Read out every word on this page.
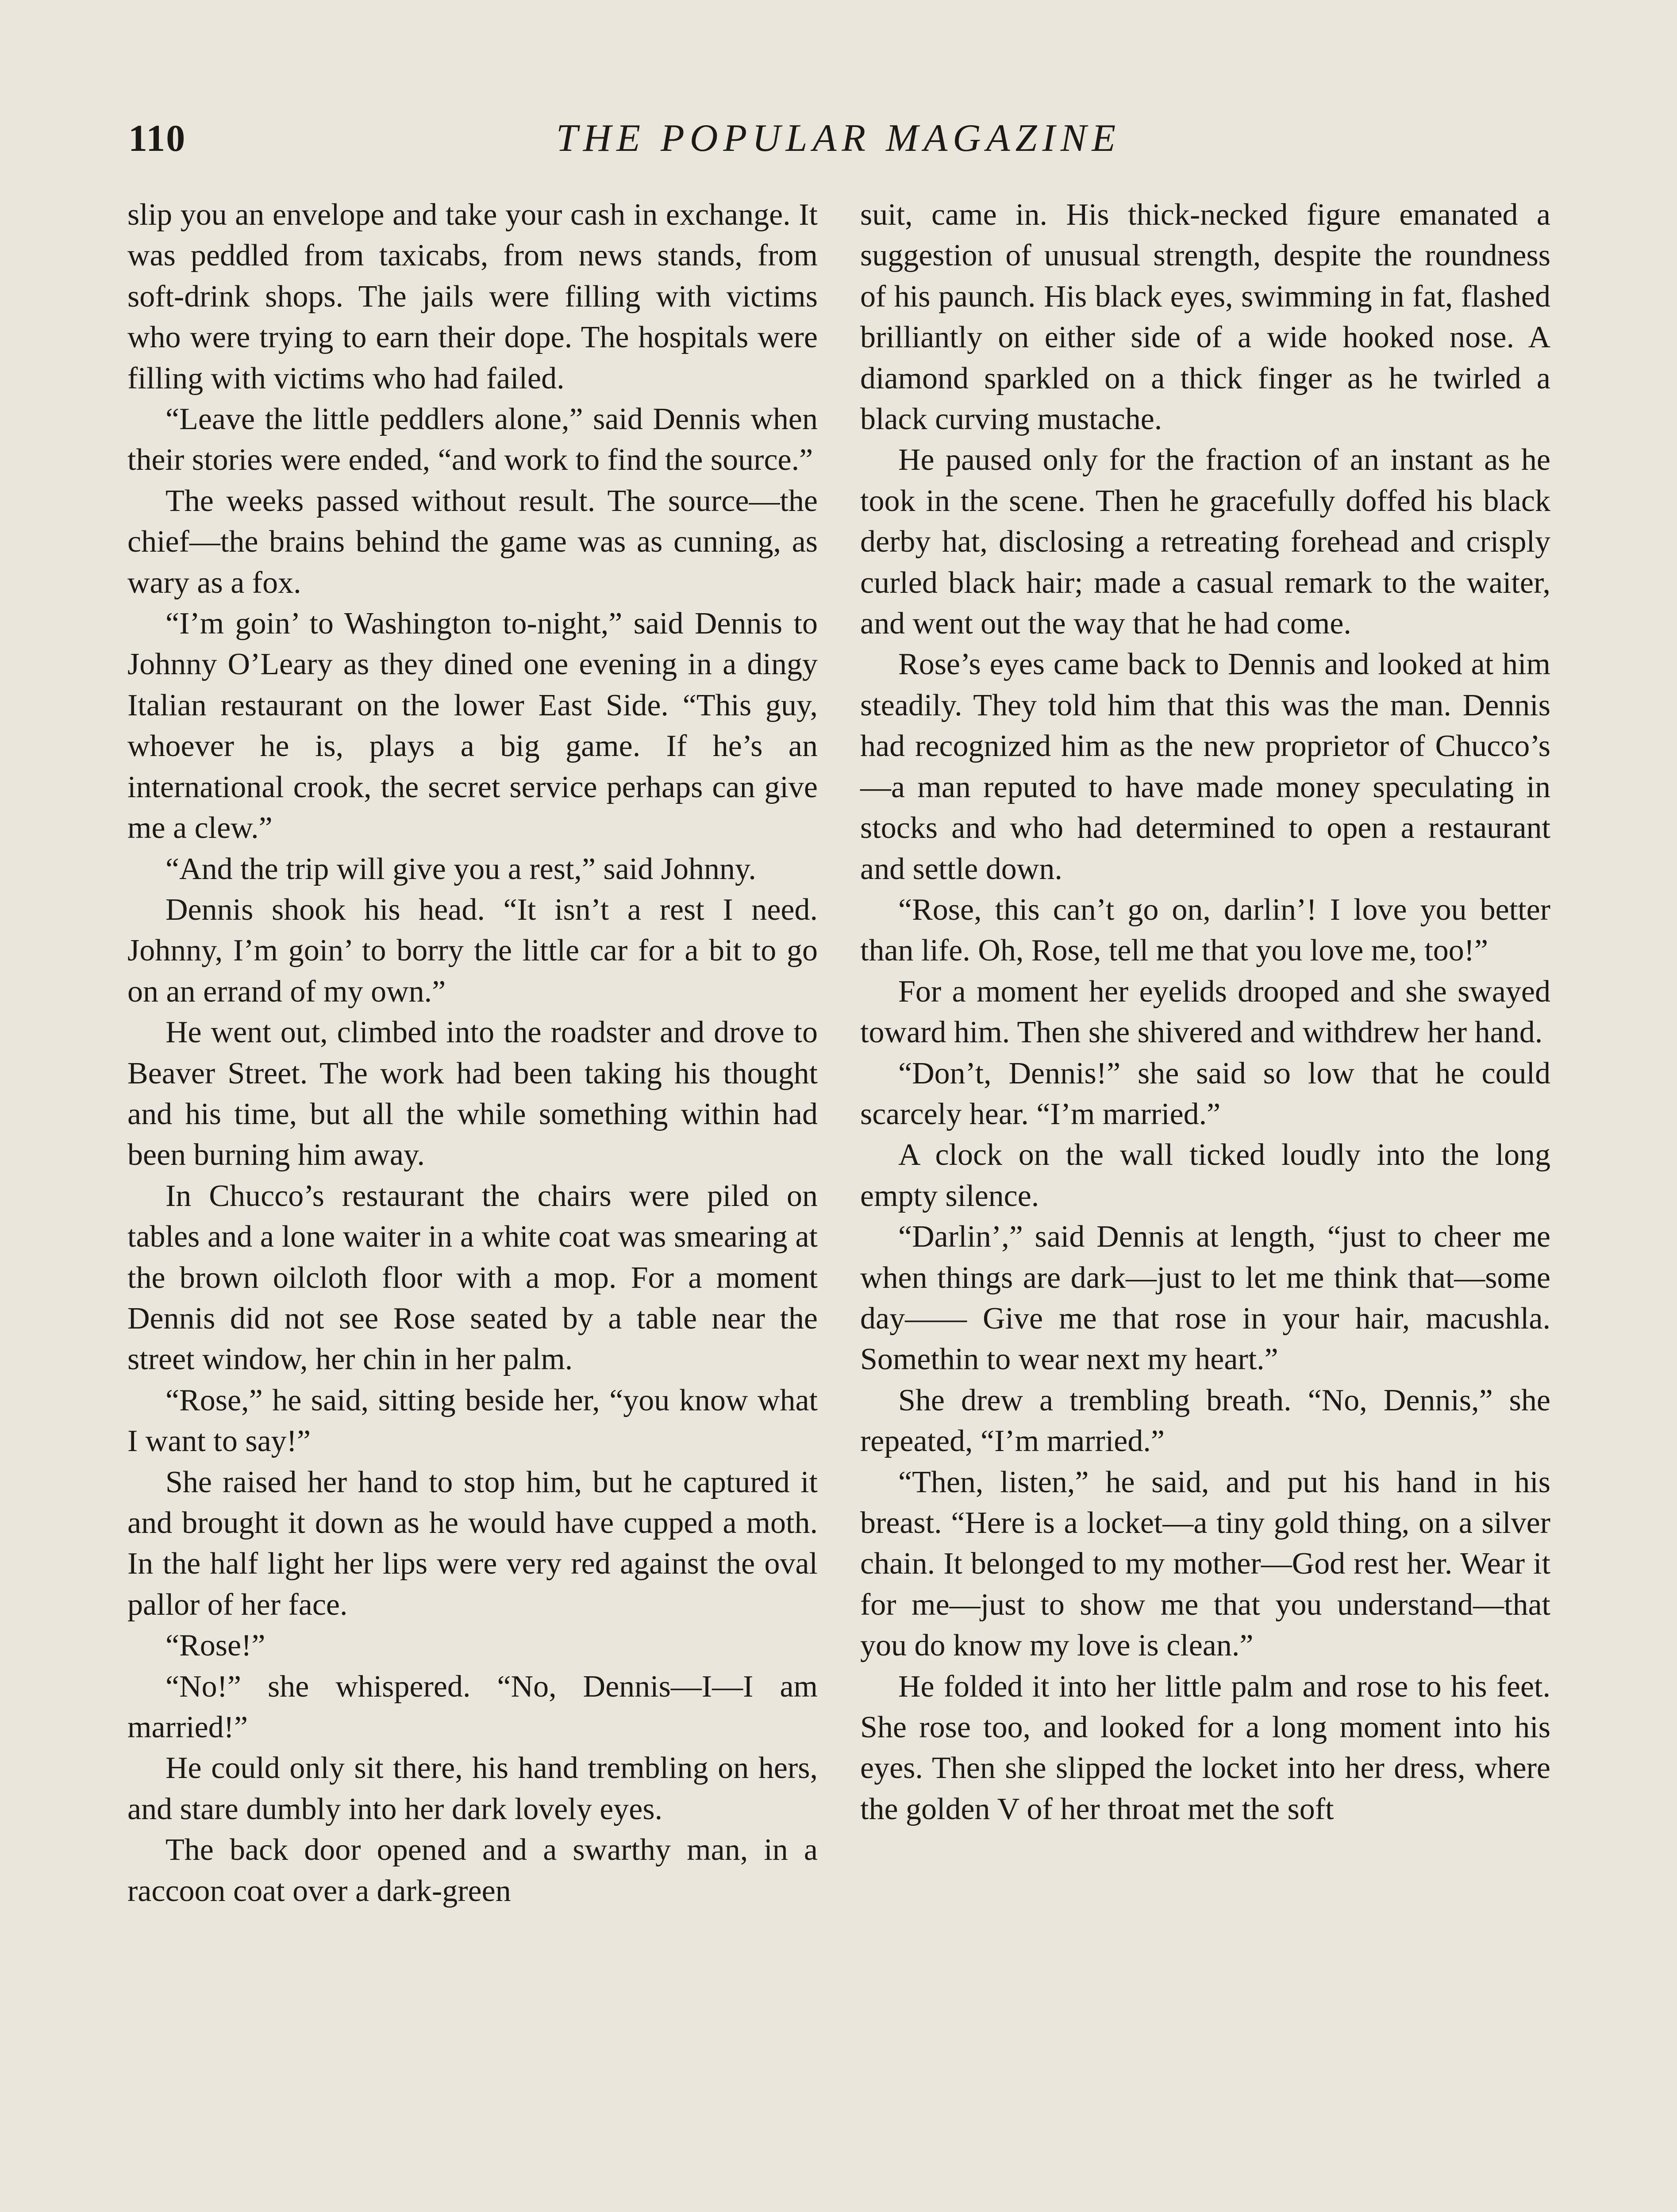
110	THE POPULAR MAGAZINE

slip you an envelope and take your cash in exchange. It was peddled from taxicabs, from news stands, from soft-drink shops. The jails were filling with victims who were trying to earn their dope. The hospitals were filling with victims who had failed.

“Leave the little peddlers alone,” said Dennis when their stories were ended, “and work to find the source.”

The weeks passed without result. The source—the chief—the brains behind the game was as cunning, as wary as a fox.

“I’m goin’ to Washington to-night,” said Dennis to Johnny O’Leary as they dined one evening in a dingy Italian restaurant on the lower East Side. “This guy, whoever he is, plays a big game. If he’s an international crook, the secret service perhaps can give me a clew.”

“And the trip will give you a rest,” said Johnny.

Dennis shook his head. “It isn’t a rest I need. Johnny, I’m goin’ to borry the little car for a bit to go on an errand of my own.”

He went out, climbed into the roadster and drove to Beaver Street. The work had been taking his thought and his time, but all the while something within had been burning him away.

In Chucco’s restaurant the chairs were piled on tables and a lone waiter in a white coat was smearing at the brown oilcloth floor with a mop. For a moment Dennis did not see Rose seated by a table near the street window, her chin in her palm.

“Rose,” he said, sitting beside her, “you know what I want to say!”

She raised her hand to stop him, but he captured it and brought it down as he would have cupped a moth. In the half light her lips were very red against the oval pallor of her face.

“Rose!”

“No!” she whispered. “No, Dennis—I—I am married!”

He could only sit there, his hand trembling on hers, and stare dumbly into her dark lovely eyes.

The back door opened and a swarthy man, in a raccoon coat over a dark-green

suit, came in. His thick-necked figure emanated a suggestion of unusual strength, despite the roundness of his paunch. His black eyes, swimming in fat, flashed brilliantly on either side of a wide hooked nose. A diamond sparkled on a thick finger as he twirled a black curving mustache.

He paused only for the fraction of an instant as he took in the scene. Then he gracefully doffed his black derby hat, disclosing a retreating forehead and crisply curled black hair; made a casual remark to the waiter, and went out the way that he had come.

Rose’s eyes came back to Dennis and looked at him steadily. They told him that this was the man. Dennis had recognized him as the new proprietor of Chucco’s—a man reputed to have made money speculating in stocks and who had determined to open a restaurant and settle down.

“Rose, this can’t go on, darlin’! I love you better than life. Oh, Rose, tell me that you love me, too!”

For a moment her eyelids drooped and she swayed toward him. Then she shivered and withdrew her hand.

“Don’t, Dennis!” she said so low that he could scarcely hear. “I’m married.”

A clock on the wall ticked loudly into the long empty silence.

“Darlin’,” said Dennis at length, “just to cheer me when things are dark—just to let me think that—some day—— Give me that rose in your hair, macushla. Somethin to wear next my heart.”

She drew a trembling breath. “No, Dennis,” she repeated, “I’m married.”

“Then, listen,” he said, and put his hand in his breast. “Here is a locket—a tiny gold thing, on a silver chain. It belonged to my mother—God rest her. Wear it for me—just to show me that you understand—that you do know my love is clean.”

He folded it into her little palm and rose to his feet. She rose too, and looked for a long moment into his eyes. Then she slipped the locket into her dress, where the golden V of her throat met the soft
